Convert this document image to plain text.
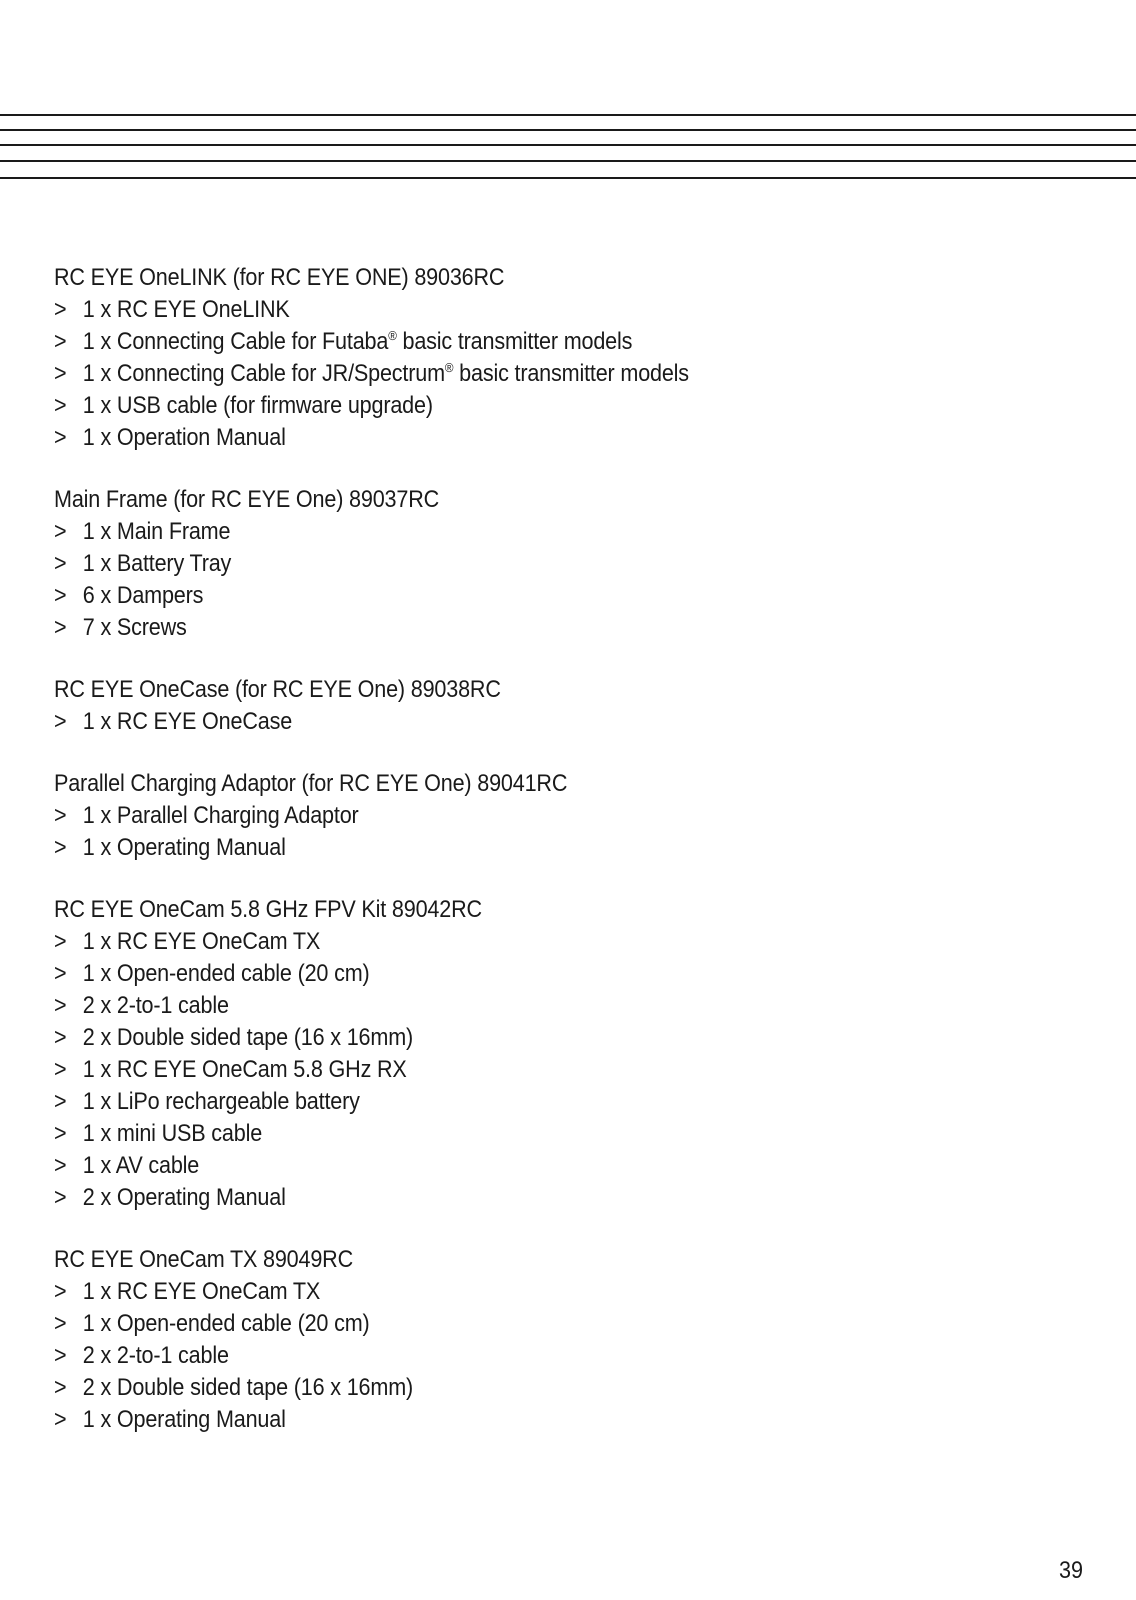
RC EYE OneLINK (for RC EYE ONE) 89036RC
> 1 x RC EYE OneLINK
> 1 x Connecting Cable for Futaba® basic transmitter models
> 1 x Connecting Cable for JR/Spectrum® basic transmitter models
> 1 x USB cable (for firmware upgrade)
> 1 x Operation Manual
Main Frame (for RC EYE One) 89037RC
> 1 x Main Frame
> 1 x Battery Tray
> 6 x Dampers
> 7 x Screws
RC EYE OneCase (for RC EYE One) 89038RC
> 1 x RC EYE OneCase
Parallel Charging Adaptor (for RC EYE One) 89041RC
> 1 x Parallel Charging Adaptor
> 1 x Operating Manual
RC EYE OneCam 5.8 GHz FPV Kit 89042RC
> 1 x RC EYE OneCam TX
> 1 x Open-ended cable (20 cm)
> 2 x 2-to-1 cable
> 2 x Double sided tape (16 x 16mm)
> 1 x RC EYE OneCam 5.8 GHz RX
> 1 x LiPo rechargeable battery
> 1 x mini USB cable
> 1 x AV cable
> 2 x Operating Manual
RC EYE OneCam TX 89049RC
> 1 x RC EYE OneCam TX
> 1 x Open-ended cable (20 cm)
> 2 x 2-to-1 cable
> 2 x Double sided tape (16 x 16mm)
> 1 x Operating Manual
39
